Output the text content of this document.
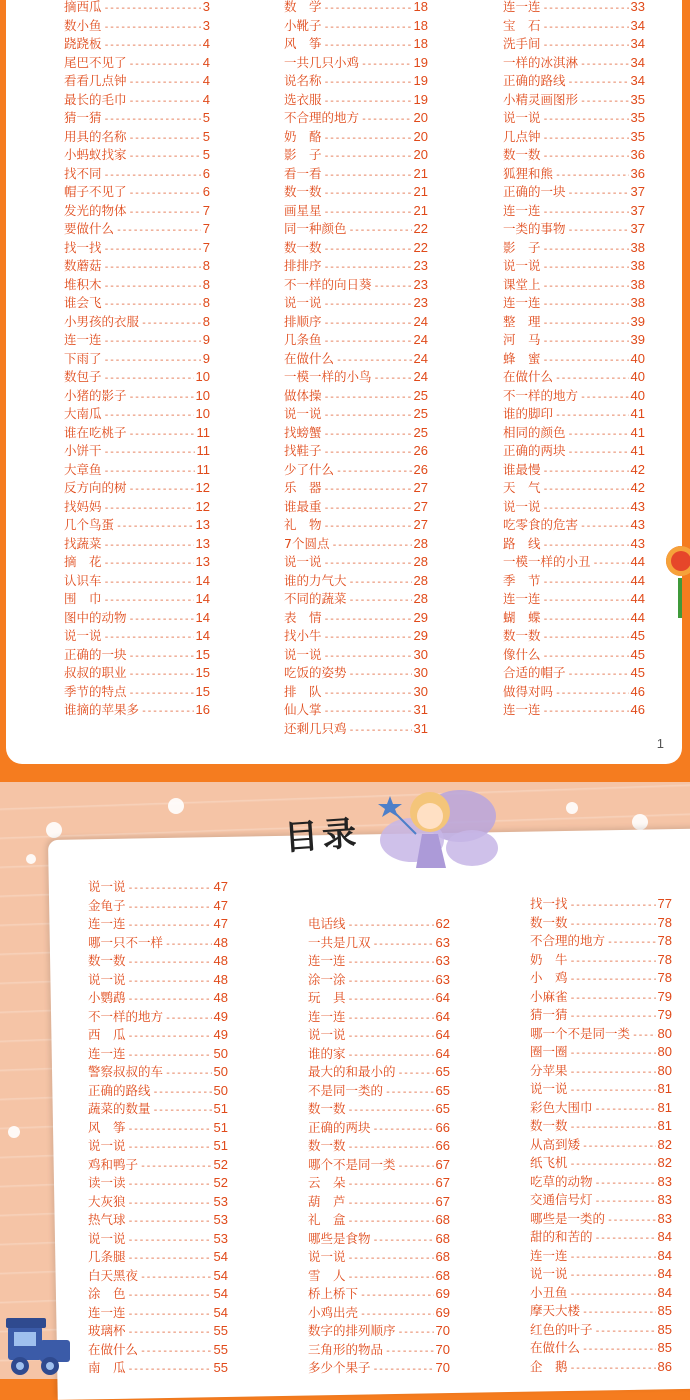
摘西瓜 -----	3
数小鱼 -----	3
跷跷板 -----	4
尾巴不见了 -----	4
看看几点钟 -----	4
最长的毛巾 -----	4
猜一猜 -----	5
用具的名称 -----	5
小蚂蚁找家 -----	5
找不同 -----	6
帽子不见了 -----	6
发光的物体 -----	7
要做什么 -----	7
找一找 -----	7
数蘑菇 -----	8
堆积木 -----	8
谁会飞 -----	8
小男孩的衣服 -----	8
连一连 -----	9
下雨了 -----	9
数包子 -----	10
小猪的影子 -----	10
大南瓜 -----	10
谁在吃桃子 -----	11
小饼干 -----	11
大章鱼 -----	11
反方向的树 -----	12
找妈妈 -----	12
几个鸟蛋 -----	13
找蔬菜 -----	13
摘　花 -----	13
认识车 -----	14
围　巾 -----	14
图中的动物 -----	14
说一说 -----	14
正确的一块 -----	15
叔叔的职业 -----	15
季节的特点 -----	15
谁摘的苹果多 -----	16
数　学 -----	18
小靴子 -----	18
风　筝 -----	18
一共几只小鸡 -----	19
说名称 -----	19
选衣服 -----	19
不合理的地方 -----	20
奶　酪 -----	20
影　子 -----	20
看一看 -----	21
数一数 -----	21
画星星 -----	21
同一种颜色 -----	22
数一数 -----	22
排排序 -----	23
不一样的向日葵 -----	23
说一说 -----	23
排顺序 -----	24
几条鱼 -----	24
在做什么 -----	24
一模一样的小鸟 -----	24
做体操 -----	25
说一说 -----	25
找螃蟹 -----	25
找鞋子 -----	26
少了什么 -----	26
乐　器 -----	27
谁最重 -----	27
礼　物 -----	27
7个圆点 -----	28
说一说 -----	28
谁的力气大 -----	28
不同的蔬菜 -----	28
表　情 -----	29
找小牛 -----	29
说一说 -----	30
吃饭的姿势 -----	30
排　队 -----	30
仙人掌 -----	31
还剩几只鸡 -----	31
连一连 -----	33
宝　石 -----	34
洗手间 -----	34
一样的冰淇淋 -----	34
正确的路线 -----	34
小精灵画图形 -----	35
说一说 -----	35
几点钟 -----	35
数一数 -----	36
狐狸和熊 -----	36
正确的一块 -----	37
连一连 -----	37
一类的事物 -----	37
影　子 -----	38
说一说 -----	38
课堂上 -----	38
连一连 -----	38
整　理 -----	39
河　马 -----	39
蜂　蜜 -----	40
在做什么 -----	40
不一样的地方 -----	40
谁的脚印 -----	41
相同的颜色 -----	41
正确的两块 -----	41
谁最慢 -----	42
天　气 -----	42
说一说 -----	43
吃零食的危害 -----	43
路　线 -----	43
一模一样的小丑 -----	44
季　节 -----	44
连一连 -----	44
蝴　蝶 -----	44
数一数 -----	45
像什么 -----	45
合适的帽子 -----	45
做得对吗 -----	46
连一连 -----	46
1
目录
说一说 -----	47
金龟子 -----	47
连一连 -----	47
哪一只不一样 -----	48
数一数 -----	48
说一说 -----	48
小鹦鹉 -----	48
不一样的地方 -----	49
西　瓜 -----	49
连一连 -----	50
警察叔叔的车 -----	50
正确的路线 -----	50
蔬菜的数量 -----	51
风　筝 -----	51
说一说 -----	51
鸡和鸭子 -----	52
读一读 -----	52
大灰狼 -----	53
热气球 -----	53
说一说 -----	53
几条腿 -----	54
白天黑夜 -----	54
涂　色 -----	54
连一连 -----	54
玻璃杯 -----	55
在做什么 -----	55
南　瓜 -----	55
电话线 -----	62
一共是几双 -----	63
连一连 -----	63
涂一涂 -----	63
玩　具 -----	64
连一连 -----	64
说一说 -----	64
谁的家 -----	64
最大的和最小的 -----	65
不是同一类的 -----	65
数一数 -----	65
正确的两块 -----	66
数一数 -----	66
哪个不是同一类 -----	67
云　朵 -----	67
葫　芦 -----	67
礼　盒 -----	68
哪些是食物 -----	68
说一说 -----	68
雪　人 -----	68
桥上桥下 -----	69
小鸡出壳 -----	69
数字的排列顺序 -----	70
三角形的物品 -----	70
多少个果子 -----	70
找一找 -----	77
数一数 -----	78
不合理的地方 -----	78
奶　牛 -----	78
小　鸡 -----	78
小麻雀 -----	79
猜一猜 -----	79
哪一个不是同一类 ----- 80
圈一圈 -----	80
分苹果 -----	80
说一说 -----	81
彩色大围巾 -----	81
数一数 -----	81
从高到矮 -----	82
纸飞机 -----	82
吃草的动物 -----	83
交通信号灯 -----	83
哪些是一类的 -----	83
甜的和苦的 -----	84
连一连 -----	84
说一说 -----	84
小丑鱼 -----	84
摩天大楼 -----	85
红色的叶子 -----	85
在做什么 -----	85
企　鹅 -----	86
